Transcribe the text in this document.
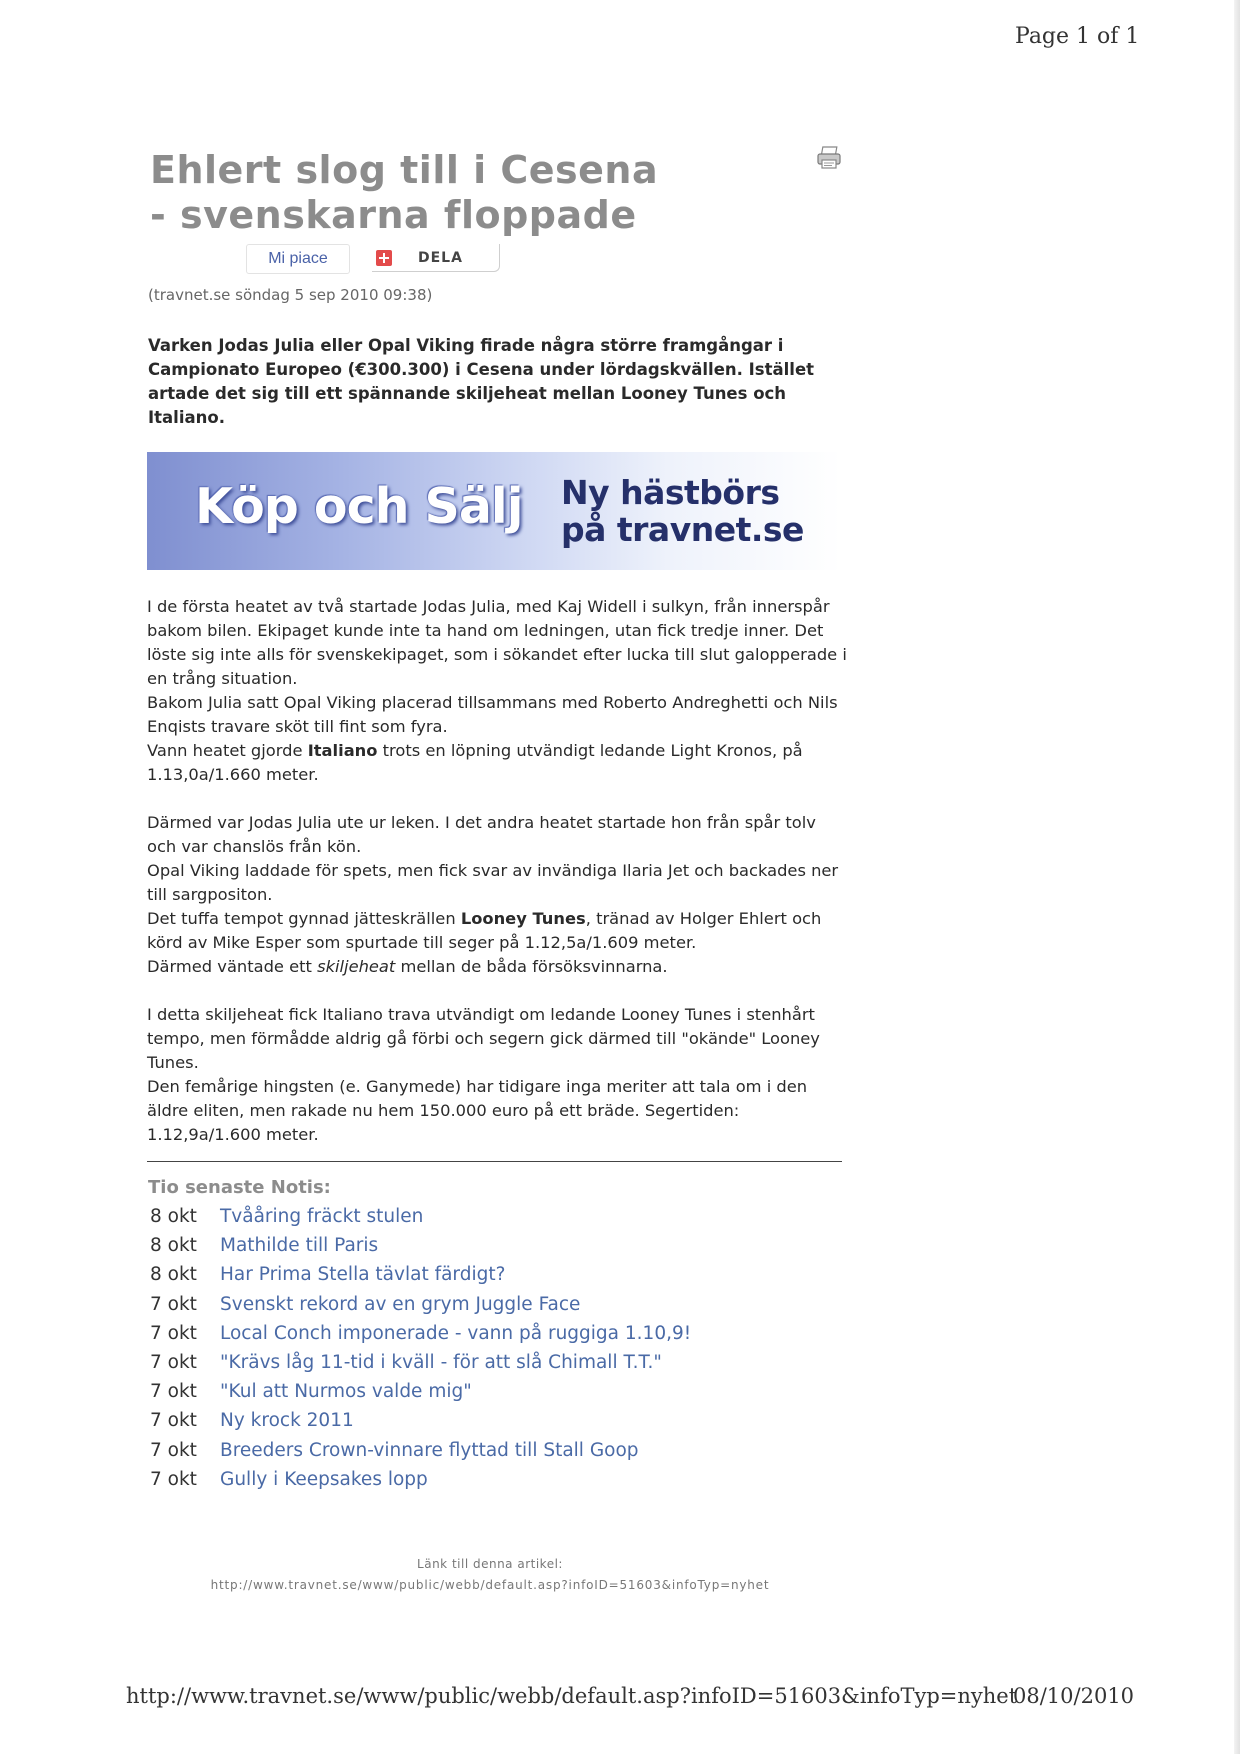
Page 1 of 1
Ehlert slog till i Cesena
- svenskarna floppade
Mi piace	DELA
(travnet.se söndag 5 sep 2010 09:38)

Varken Jodas Julia eller Opal Viking firade några större framgångar i Campionato Europeo (€300.300) i Cesena under lördagskvällen. Istället artade det sig till ett spännande skiljeheat mellan Looney Tunes och Italiano.

Köp och Sälj Ny hästbörs
på travnet.se

I de första heatet av två startade Jodas Julia, med Kaj Widell i sulkyn, från innerspår bakom bilen. Ekipaget kunde inte ta hand om ledningen, utan fick tredje inner. Det löste sig inte alls för svenskekipaget, som i sökandet efter lucka till slut galopperade i en trång situation.

Bakom Julia satt Opal Viking placerad tillsammans med Roberto Andreghetti och Nils Enqists travare sköt till fint som fyra.

Vann heatet gjorde Italiano trots en löpning utvändigt ledande Light Kronos, på 1.13,0a/1.660 meter.

Därmed var Jodas Julia ute ur leken. I det andra heatet startade hon från spår tolv och var chanslös från kön.

Opal Viking laddade för spets, men fick svar av invändiga Ilaria Jet och backades ner till sargpositon.

Det tuffa tempot gynnad jätteskrällen Looney Tunes, tränad av Holger Ehlert och körd av Mike Esper som spurtade till seger på 1.12,5a/1.609 meter.

Därmed väntade ett skiljeheat mellan de båda försöksvinnarna.

I detta skiljeheat fick Italiano trava utvändigt om ledande Looney Tunes i stenhårt tempo, men förmådde aldrig gå förbi och segern gick därmed till "okände" Looney Tunes.

Den femårige hingsten (e. Ganymede) har tidigare inga meriter att tala om i den äldre eliten, men rakade nu hem 150.000 euro på ett bräde. Segertiden: 1.12,9a/1.600 meter.

Tio senaste Notis:
8 okt	Tvååring fräckt stulen
8 okt	Mathilde till Paris
8 okt	Har Prima Stella tävlat färdigt?
7 okt	Svenskt rekord av en grym Juggle Face
7 okt	Local Conch imponerade - vann på ruggiga 1.10,9!
7 okt	"Krävs låg 11-tid i kväll - för att slå Chimall T.T."
7 okt	"Kul att Nurmos valde mig"
7 okt	Ny krock 2011
7 okt	Breeders Crown-vinnare flyttad till Stall Goop
7 okt	Gully i Keepsakes lopp
Länk till denna artikel:
http://www.travnet.se/www/public/webb/default.asp?infoID=51603&infoTyp=nyhet
http://www.travnet.se/www/public/webb/default.asp?infoID=51603&infoTyp=nyhet
08/10/2010
